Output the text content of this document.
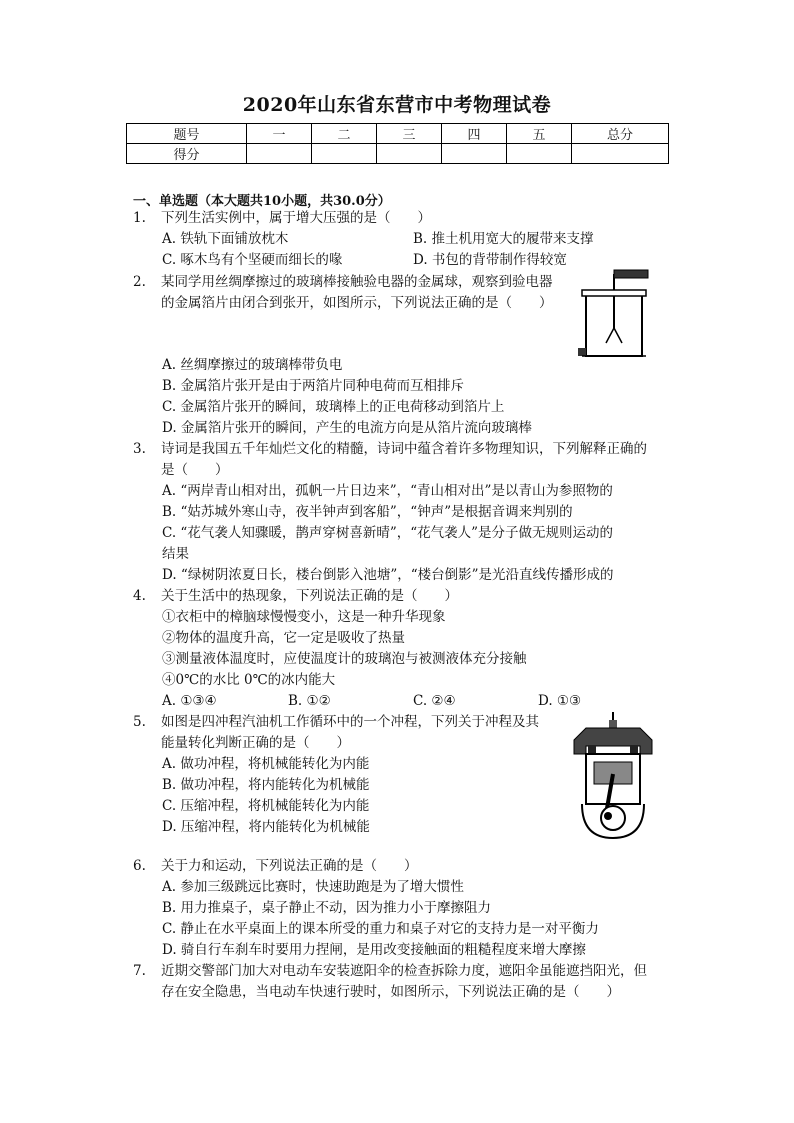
2020年山东省东营市中考物理试卷
题号	一	二	三	四	五	总分
得分						
一、单选题（本大题共10小题，共30.0分）
1. 下列生活实例中，属于增大压强的是（　　）
A. 铁轨下面铺放枕木	B. 推土机用宽大的履带来支撑
C. 啄木鸟有个坚硬而细长的喙	D. 书包的背带制作得较宽
2. 某同学用丝绸摩擦过的玻璃棒接触验电器的金属球，观察到验电器
的金属箔片由闭合到张开，如图所示，下列说法正确的是（　　）
A. 丝绸摩擦过的玻璃棒带负电
B. 金属箔片张开是由于两箔片同种电荷而互相排斥
C. 金属箔片张开的瞬间，玻璃棒上的正电荷移动到箔片上
D. 金属箔片张开的瞬间，产生的电流方向是从箔片流向玻璃棒
3. 诗词是我国五千年灿烂文化的精髓，诗词中蕴含着许多物理知识，下列解释正确的
是（　　）
A. “两岸青山相对出，孤帆一片日边来”，“青山相对出”是以青山为参照物的
B. “姑苏城外寒山寺，夜半钟声到客船”，“钟声”是根据音调来判别的
C. “花气袭人知骤暖，鹊声穿树喜新晴”，“花气袭人”是分子做无规则运动的
结果
D. “绿树阴浓夏日长，楼台倒影入池塘”，“楼台倒影”是光沿直线传播形成的
4. 关于生活中的热现象，下列说法正确的是（　　）
①衣柜中的樟脑球慢慢变小，这是一种升华现象
②物体的温度升高，它一定是吸收了热量
③测量液体温度时，应使温度计的玻璃泡与被测液体充分接触
④0℃的水比 0℃的冰内能大
A. ①③④	B. ①②	C. ②④	D. ①③
5. 如图是四冲程汽油机工作循环中的一个冲程，下列关于冲程及其
能量转化判断正确的是（　　）
A. 做功冲程，将机械能转化为内能
B. 做功冲程，将内能转化为机械能
C. 压缩冲程，将机械能转化为内能
D. 压缩冲程，将内能转化为机械能
6. 关于力和运动，下列说法正确的是（　　）
A. 参加三级跳远比赛时，快速助跑是为了增大惯性
B. 用力推桌子，桌子静止不动，因为推力小于摩擦阻力
C. 静止在水平桌面上的课本所受的重力和桌子对它的支持力是一对平衡力
D. 骑自行车刹车时要用力捏闸，是用改变接触面的粗糙程度来增大摩擦
7. 近期交警部门加大对电动车安装遮阳伞的检查拆除力度，遮阳伞虽能遮挡阳光，但
存在安全隐患，当电动车快速行驶时，如图所示，下列说法正确的是（　　）
